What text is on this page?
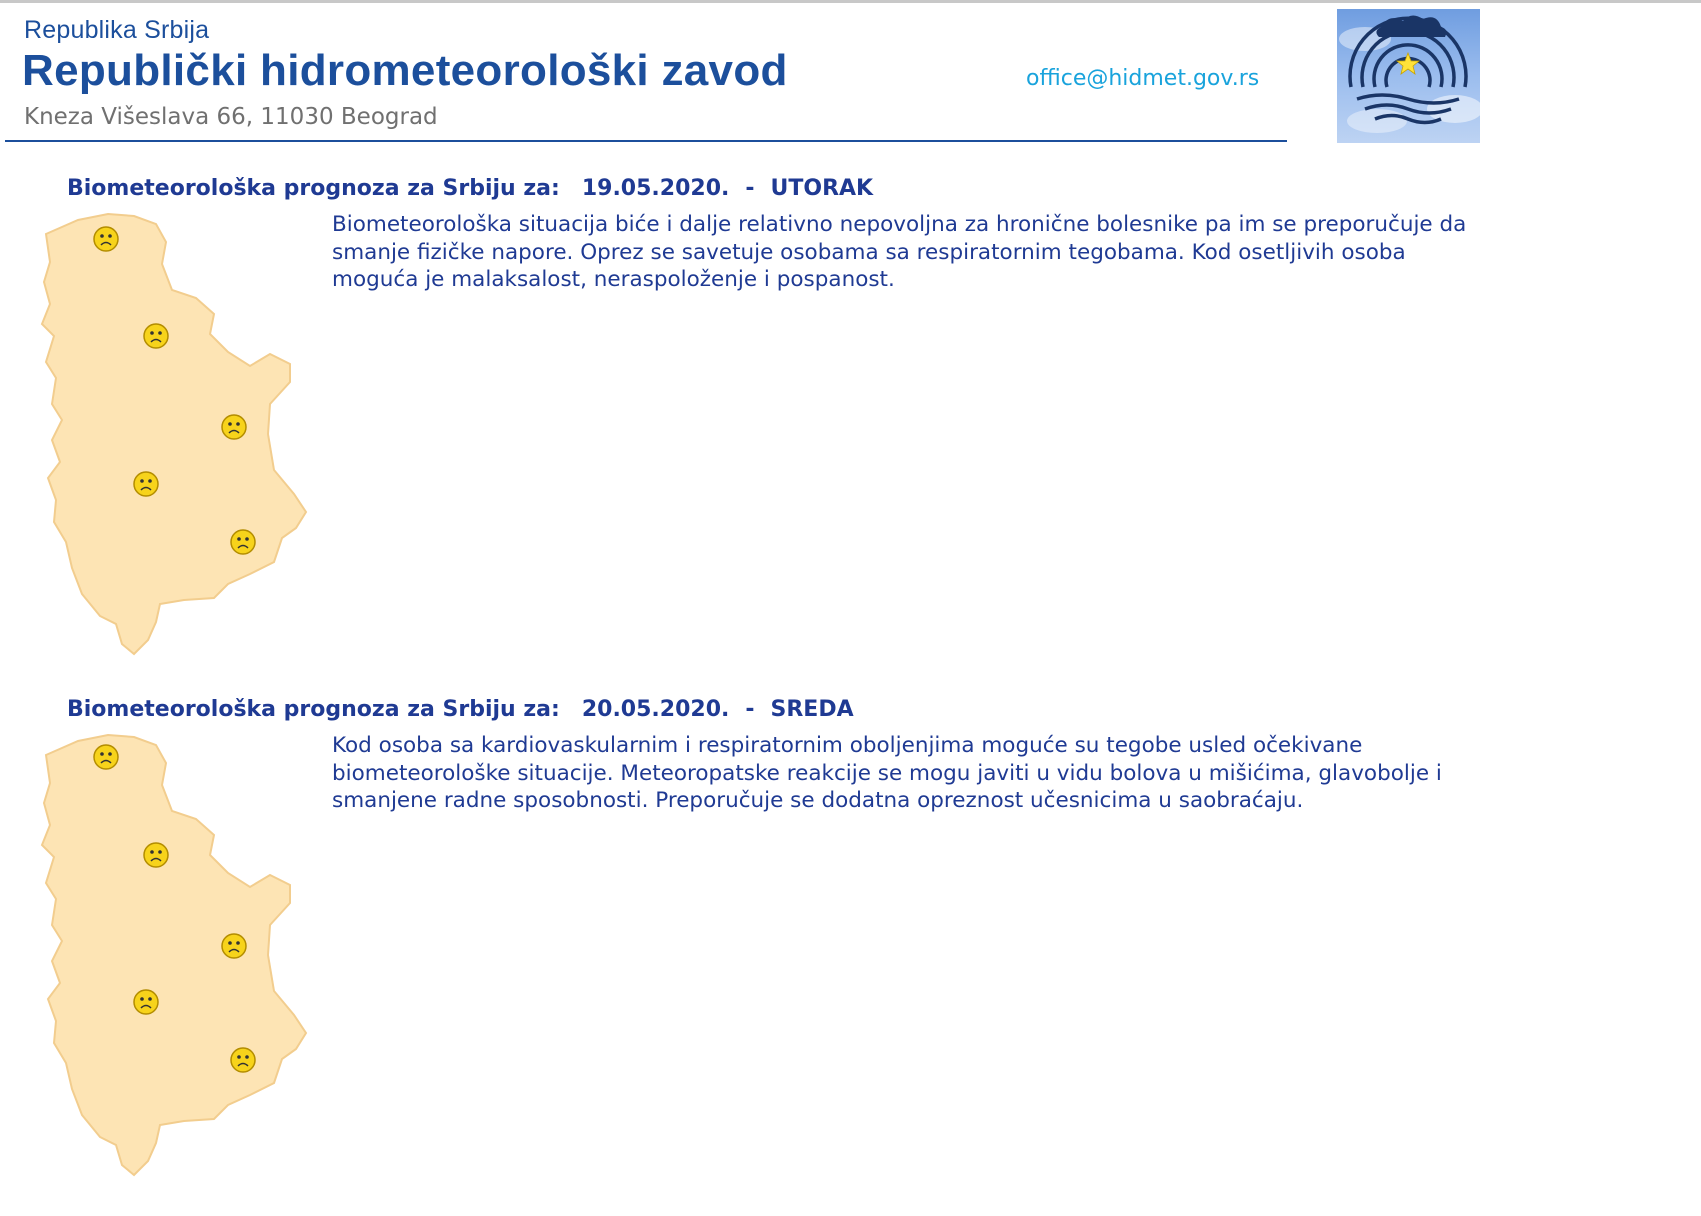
Republika Srbija
Republički hidrometeorološki zavod
Kneza Višeslava 66, 11030 Beograd
office@hidmet.gov.rs
Biometeorološka prognoza za Srbiju za: 19.05.2020. - UTORAK
Biometeorološka situacija biće i dalje relativno nepovoljna za hronične bolesnike pa im se preporučuje da smanje fizičke napore. Oprez se savetuje osobama sa respiratornim tegobama. Kod osetljivih osoba moguća je malaksalost, neraspoloženje i pospanost.
Biometeorološka prognoza za Srbiju za: 20.05.2020. - SREDA
Kod osoba sa kardiovaskularnim i respiratornim oboljenjima moguće su tegobe usled očekivane biometeorološke situacije. Meteoropatske reakcije se mogu javiti u vidu bolova u mišićima, glavobolje i smanjene radne sposobnosti. Preporučuje se dodatna opreznost učesnicima u saobraćaju.
